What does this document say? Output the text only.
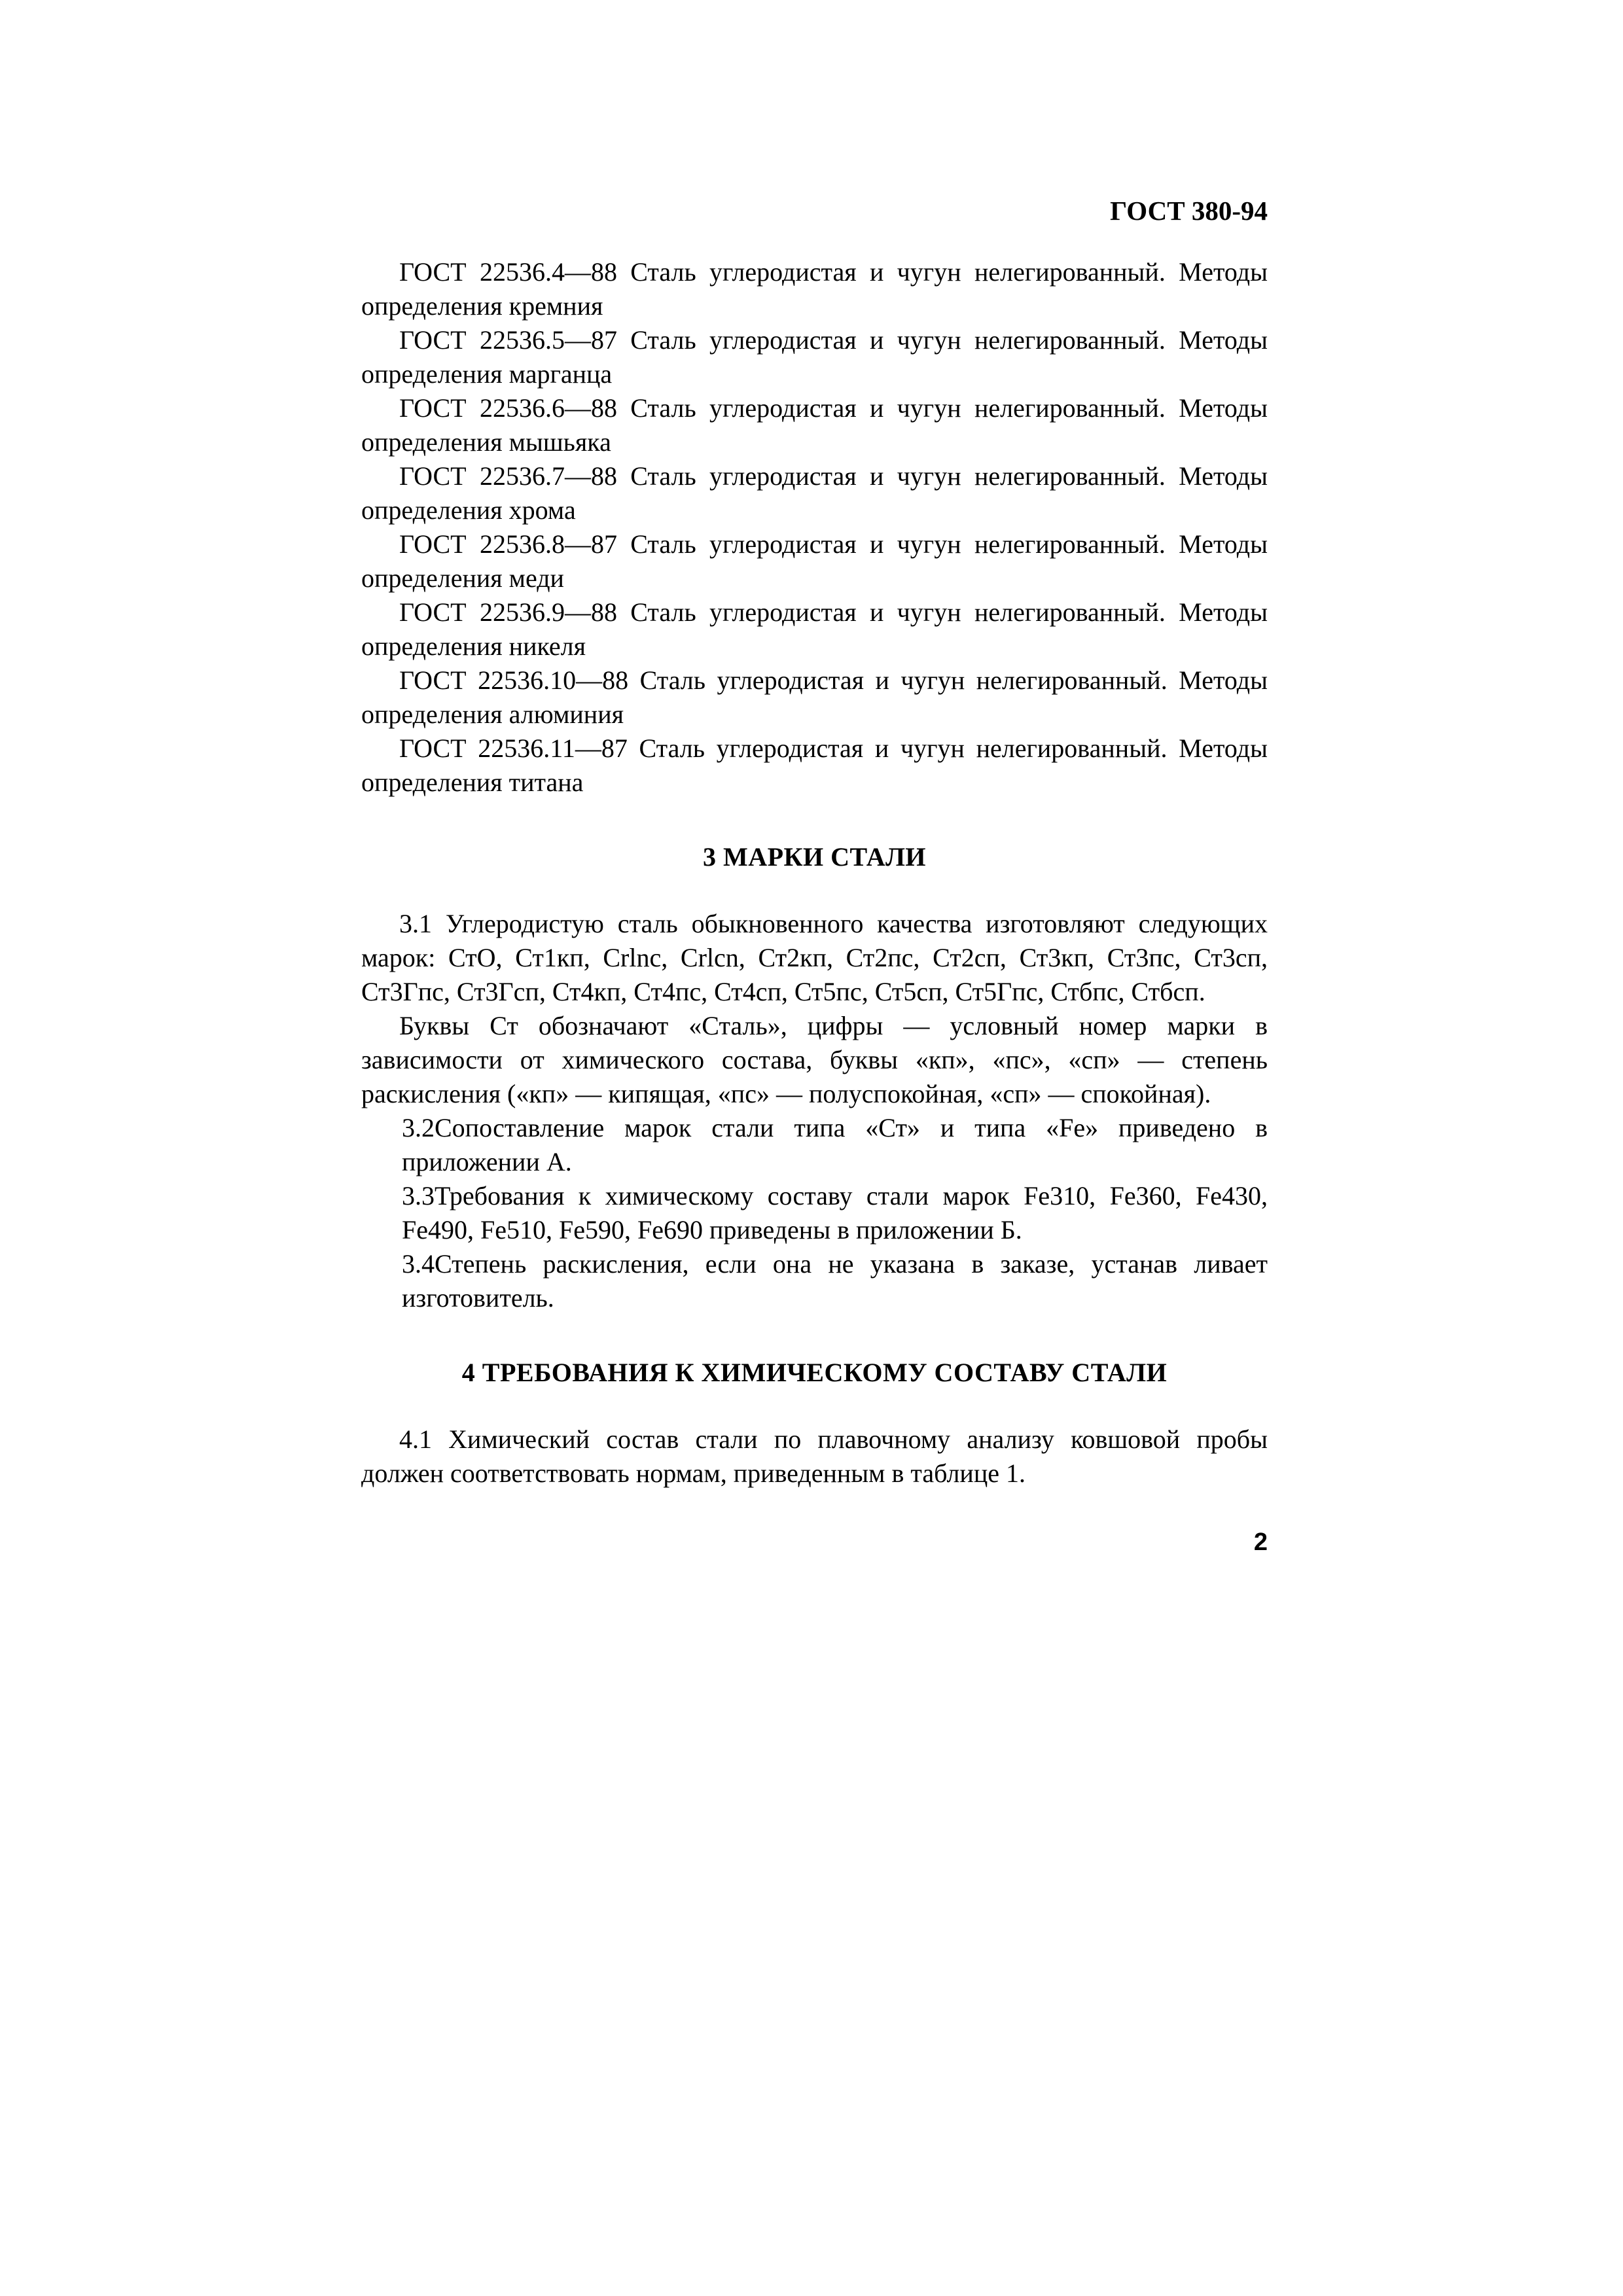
ГОСТ 380-94

ГОСТ 22536.4—88 Сталь углеродистая и чугун нелегированный. Методы определения кремния

ГОСТ 22536.5—87 Сталь углеродистая и чугун нелегированный. Методы определения марганца

ГОСТ 22536.6—88 Сталь углеродистая и чугун нелегированный. Методы определения мышьяка

ГОСТ 22536.7—88 Сталь углеродистая и чугун нелегированный. Методы определения хрома

ГОСТ 22536.8—87 Сталь углеродистая и чугун нелегированный. Методы определения меди

ГОСТ 22536.9—88 Сталь углеродистая и чугун нелегированный. Методы определения никеля

ГОСТ 22536.10—88 Сталь углеродистая и чугун нелегированный. Методы определения алюминия

ГОСТ 22536.11—87 Сталь углеродистая и чугун нелегированный. Методы определения титана

3 МАРКИ СТАЛИ

3.1 Углеродистую сталь обыкновенного качества изготовляют следующих марок: СтО, Ст1кп, Crlnc, Crlcn, Ст2кп, Ст2пс, Ст2сп, Ст3кп, Ст3пс, Ст3сп, Ст3Гпс, Ст3Гсп, Ст4кп, Ст4пс, Ст4сп, Ст5пс, Ст5сп, Ст5Гпс, Стбпс, Стбсп.

Буквы Ст обозначают «Сталь», цифры — условный номер марки в зависимости от химического состава, буквы «кп», «пс», «сп» — степень раскисления («кп» — кипящая, «пс» — полуспокойная, «сп» — спокойная).

3.2Сопоставление марок стали типа «Ст» и типа «Fe» приведено в приложении А.

3.3Требования к химическому составу стали марок Fe310, Fe360, Fe430, Fe490, Fe510, Fe590, Fe690 приведены в приложении Б.

3.4Степень раскисления, если она не указана в заказе, устанав ливает изготовитель.

4 ТРЕБОВАНИЯ К ХИМИЧЕСКОМУ СОСТАВУ СТАЛИ

4.1 Химический состав стали по плавочному анализу ковшовой пробы должен соответствовать нормам, приведенным в таблице 1.

2
